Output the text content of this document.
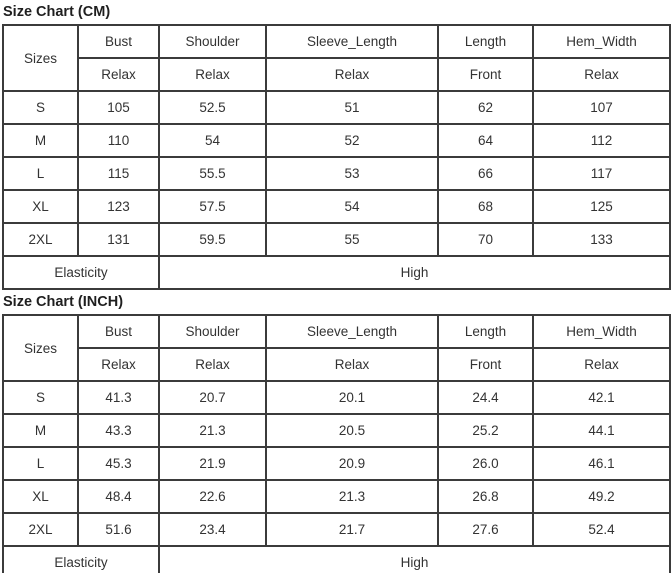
Size Chart (CM)
Sizes	Bust	Shoulder	Sleeve_Length	Length	Hem_Width
	Relax	Relax	Relax	Front	Relax
S	105	52.5	51	62	107
M	110	54	52	64	112
L	115	55.5	53	66	117
XL	123	57.5	54	68	125
2XL	131	59.5	55	70	133
Elasticity		High			
Size Chart (INCH)
Sizes	Bust	Shoulder	Sleeve_Length	Length	Hem_Width
	Relax	Relax	Relax	Front	Relax
S	41.3	20.7	20.1	24.4	42.1
M	43.3	21.3	20.5	25.2	44.1
L	45.3	21.9	20.9	26.0	46.1
XL	48.4	22.6	21.3	26.8	49.2
2XL	51.6	23.4	21.7	27.6	52.4
Elasticity		High			
